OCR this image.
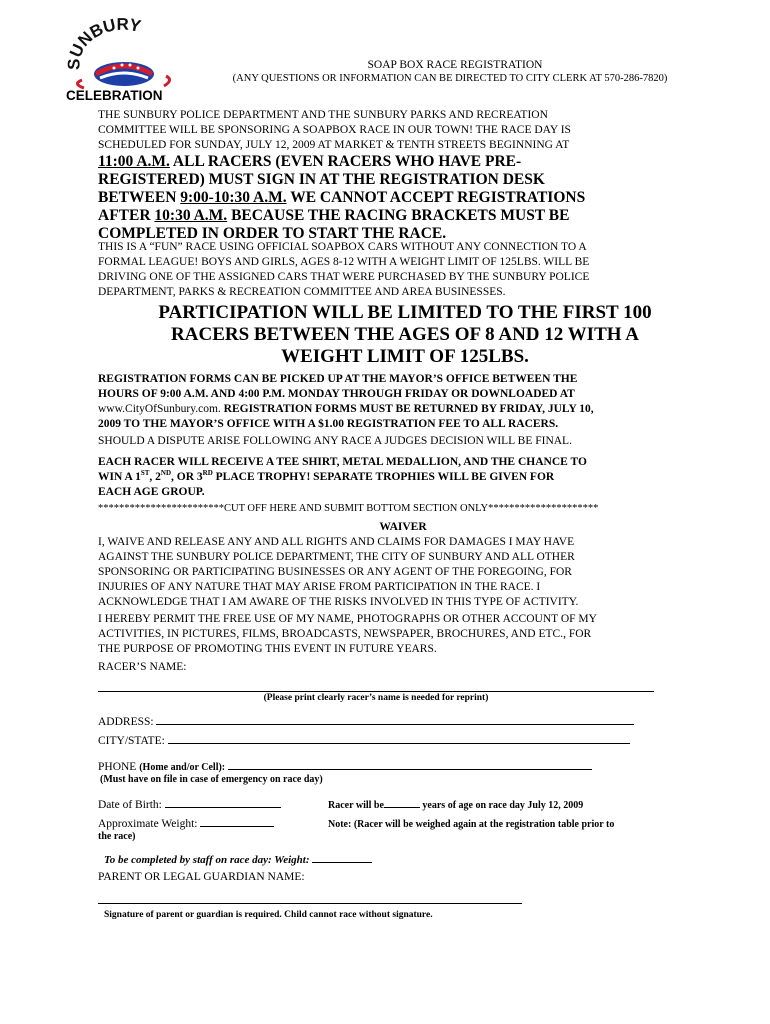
SUNBURY
CELEBRATION
SOAP BOX RACE REGISTRATION
(ANY QUESTIONS OR INFORMATION CAN BE DIRECTED TO CITY CLERK AT 570-286-7820)
THE SUNBURY POLICE DEPARTMENT AND THE SUNBURY PARKS AND RECREATION
COMMITTEE WILL BE SPONSORING A SOAPBOX RACE IN OUR TOWN! THE RACE DAY IS
SCHEDULED FOR SUNDAY, JULY 12, 2009 AT MARKET & TENTH STREETS BEGINNING AT
11:00 A.M. ALL RACERS (EVEN RACERS WHO HAVE PRE-
REGISTERED) MUST SIGN IN AT THE REGISTRATION DESK
BETWEEN 9:00-10:30 A.M. WE CANNOT ACCEPT REGISTRATIONS
AFTER 10:30 A.M. BECAUSE THE RACING BRACKETS MUST BE
COMPLETED IN ORDER TO START THE RACE.
THIS IS A “FUN” RACE USING OFFICIAL SOAPBOX CARS WITHOUT ANY CONNECTION TO A
FORMAL LEAGUE! BOYS AND GIRLS, AGES 8-12 WITH A WEIGHT LIMIT OF 125LBS. WILL BE
DRIVING ONE OF THE ASSIGNED CARS THAT WERE PURCHASED BY THE SUNBURY POLICE
DEPARTMENT, PARKS & RECREATION COMMITTEE AND AREA BUSINESSES.
PARTICIPATION WILL BE LIMITED TO THE FIRST 100
RACERS BETWEEN THE AGES OF 8 AND 12 WITH A
WEIGHT LIMIT OF 125LBS.
REGISTRATION FORMS CAN BE PICKED UP AT THE MAYOR’S OFFICE BETWEEN THE
HOURS OF 9:00 A.M. AND 4:00 P.M. MONDAY THROUGH FRIDAY OR DOWNLOADED AT
www.CityOfSunbury.com. REGISTRATION FORMS MUST BE RETURNED BY FRIDAY, JULY 10,
2009 TO THE MAYOR’S OFFICE WITH A $1.00 REGISTRATION FEE TO ALL RACERS.
SHOULD A DISPUTE ARISE FOLLOWING ANY RACE A JUDGES DECISION WILL BE FINAL.
EACH RACER WILL RECEIVE A TEE SHIRT, METAL MEDALLION, AND THE CHANCE TO
WIN A 1ST, 2ND, OR 3RD PLACE TROPHY! SEPARATE TROPHIES WILL BE GIVEN FOR
EACH AGE GROUP.
************************CUT OFF HERE AND SUBMIT BOTTOM SECTION ONLY*********************
WAIVER
I, WAIVE AND RELEASE ANY AND ALL RIGHTS AND CLAIMS FOR DAMAGES I MAY HAVE
AGAINST THE SUNBURY POLICE DEPARTMENT, THE CITY OF SUNBURY AND ALL OTHER
SPONSORING OR PARTICIPATING BUSINESSES OR ANY AGENT OF THE FOREGOING, FOR
INJURIES OF ANY NATURE THAT MAY ARISE FROM PARTICIPATION IN THE RACE. I
ACKNOWLEDGE THAT I AM AWARE OF THE RISKS INVOLVED IN THIS TYPE OF ACTIVITY.
I HEREBY PERMIT THE FREE USE OF MY NAME, PHOTOGRAPHS OR OTHER ACCOUNT OF MY
ACTIVITIES, IN PICTURES, FILMS, BROADCASTS, NEWSPAPER, BROCHURES, AND ETC., FOR
THE PURPOSE OF PROMOTING THIS EVENT IN FUTURE YEARS.
RACER’S NAME:
(Please print clearly racer’s name is needed for reprint)
ADDRESS:
CITY/STATE:
PHONE (Home and/or Cell):
(Must have on file in case of emergency on race day)
Date of Birth:	Racer will be	years of age on race day July 12, 2009
Approximate Weight:	Note: (Racer will be weighed again at the registration table prior to
the race)
To be completed by staff on race day: Weight:
PARENT OR LEGAL GUARDIAN NAME:
Signature of parent or guardian is required. Child cannot race without signature.
